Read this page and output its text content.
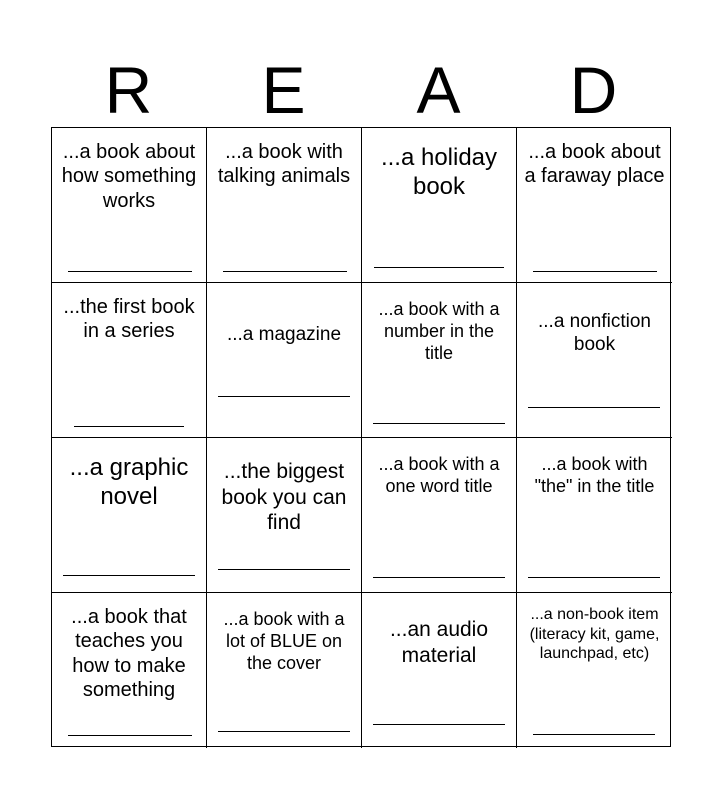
R	E	A	D
...a book about how something works
...a book with talking animals
...a holiday book
...a book about a faraway place
...the first book in a series	...a magazine
...a book with a number in the title
...a nonfiction book
...a graphic novel
...the biggest book you can find
...a book with a one word title
...a book with "the" in the title
...a book that teaches you how to make something
...a book with a lot of BLUE on the cover
...an audio material
...a non-book item (literacy kit, game, launchpad, etc)
